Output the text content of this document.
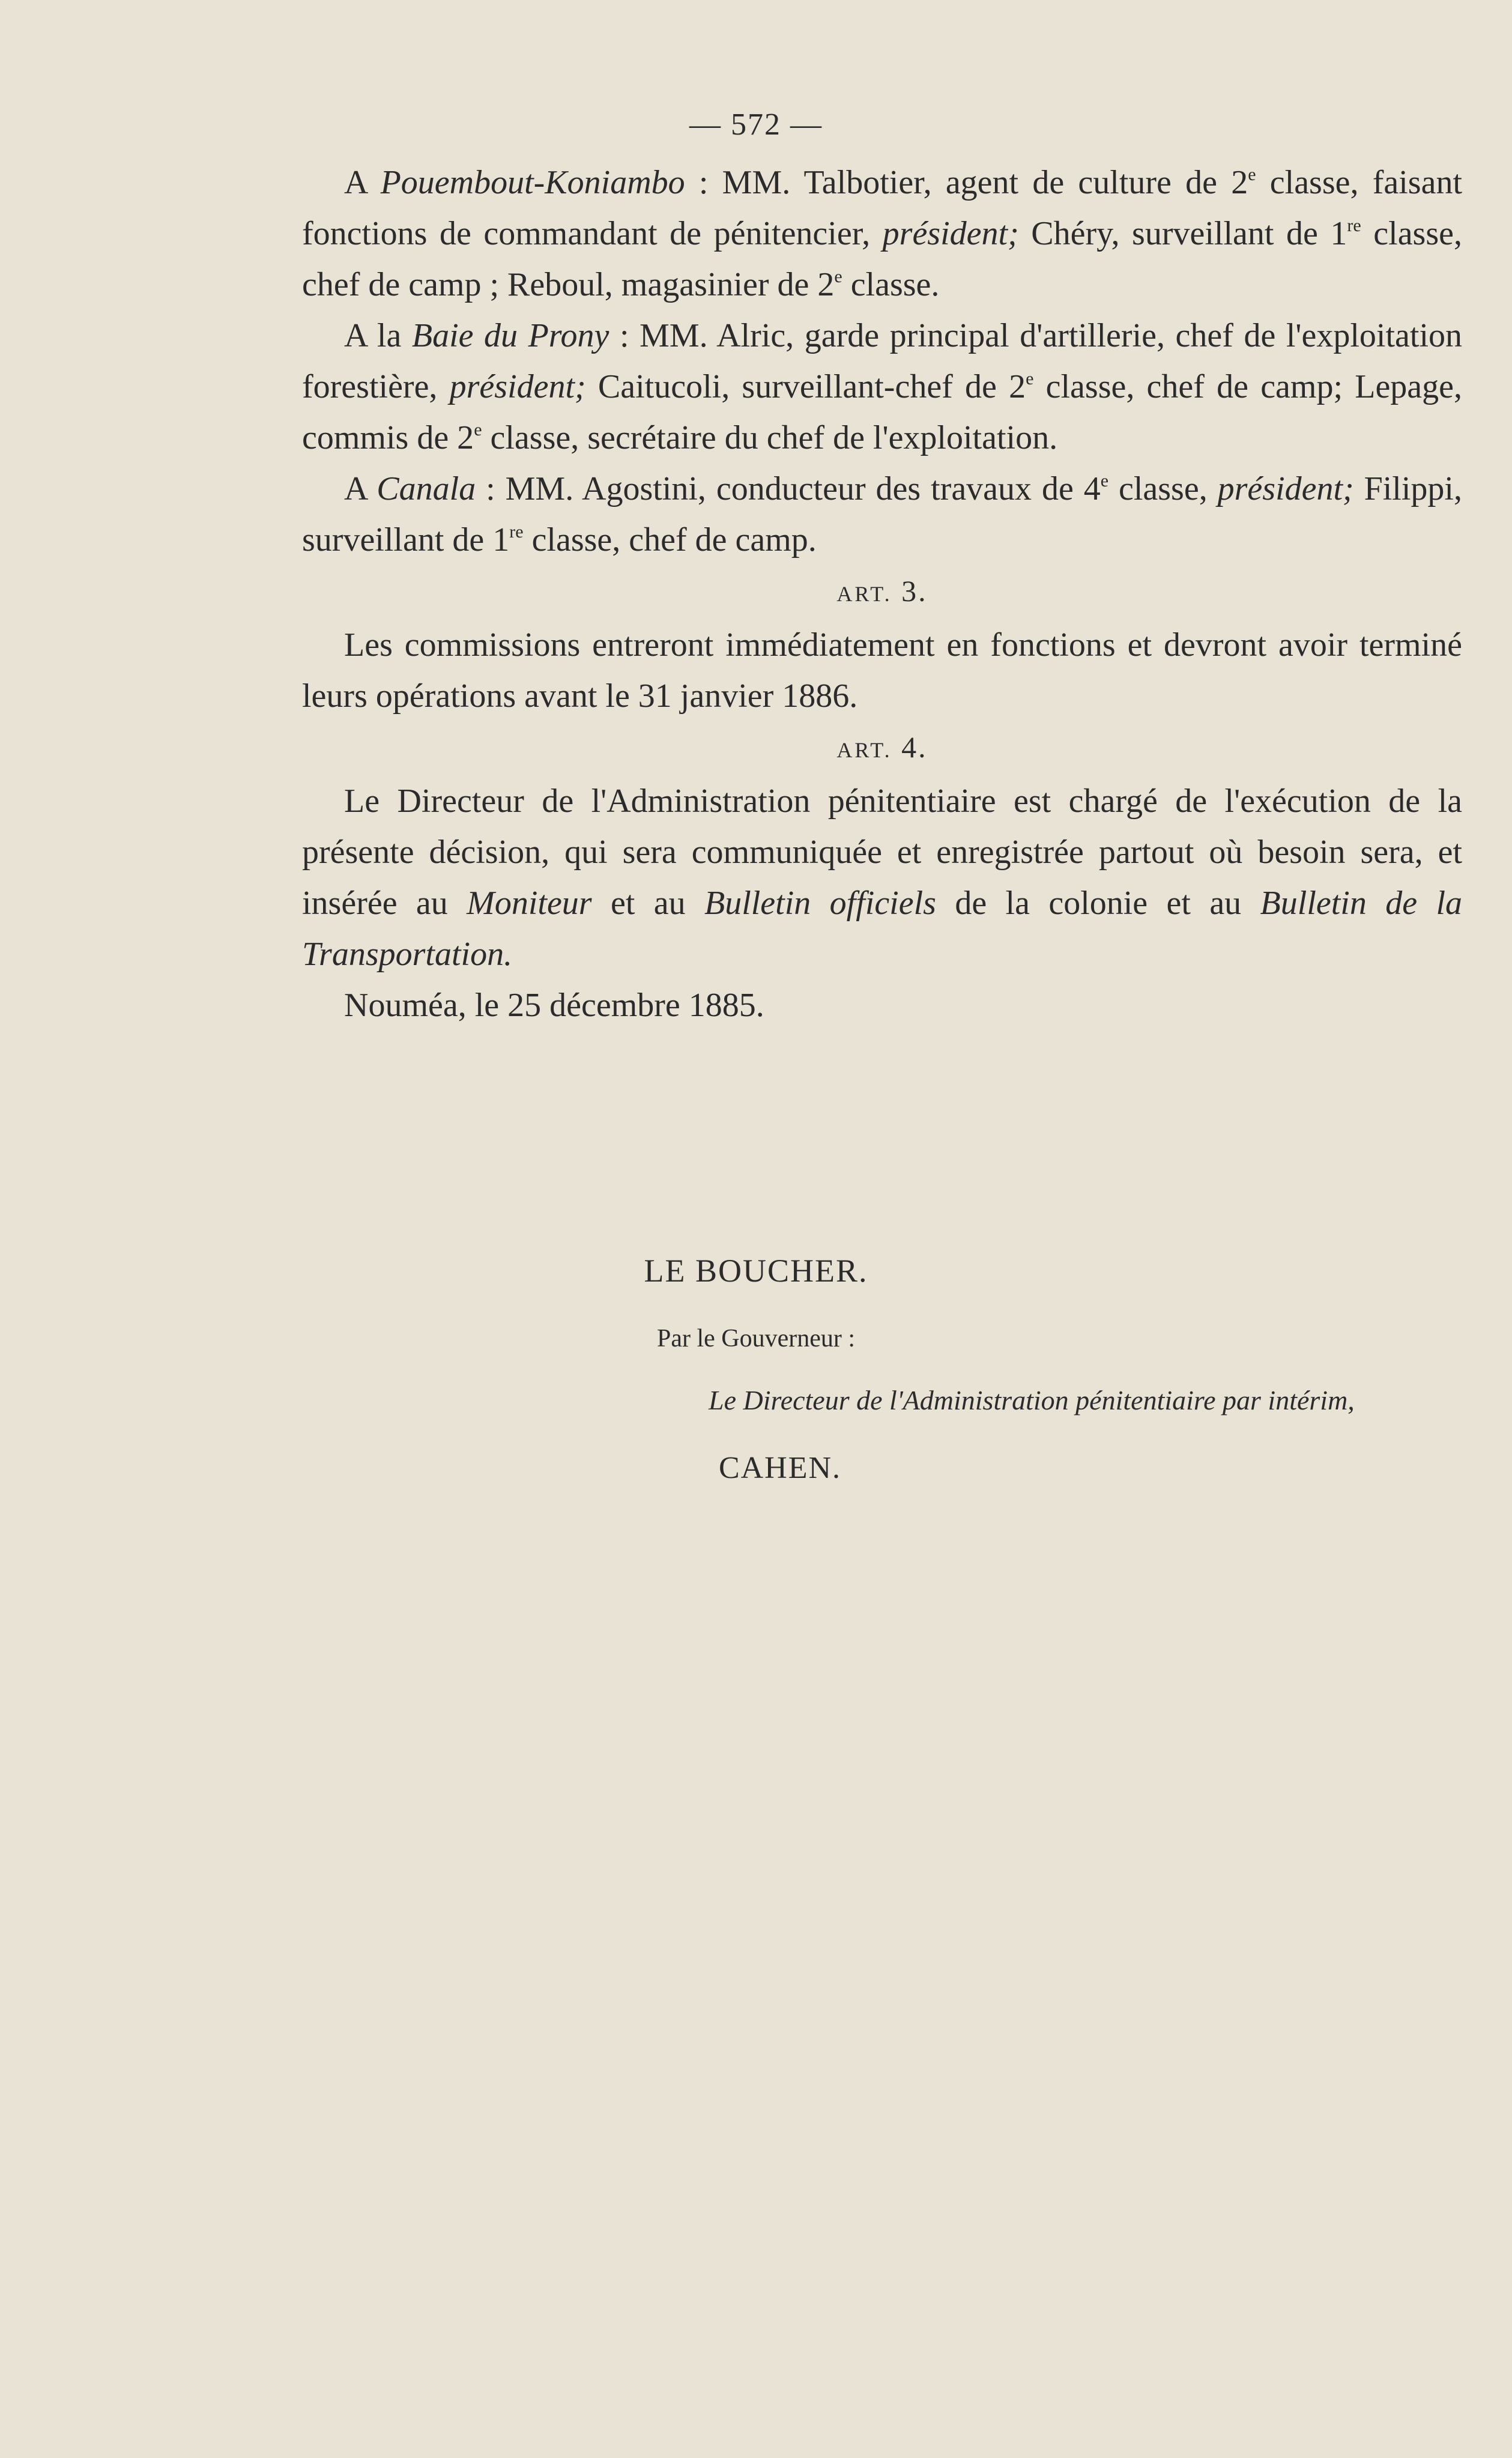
— 572 —

A Pouembout-Koniambo : MM. Talbotier, agent de culture de 2e classe, faisant fonctions de commandant de pénitencier, président; Chéry, surveillant de 1re classe, chef de camp ; Reboul, magasinier de 2e classe.

A la Baie du Prony : MM. Alric, garde principal d'artillerie, chef de l'exploitation forestière, président; Caitucoli, surveillant-chef de 2e classe, chef de camp; Lepage, commis de 2e classe, secrétaire du chef de l'exploitation.

A Canala : MM. Agostini, conducteur des travaux de 4e classe, président; Filippi, surveillant de 1re classe, chef de camp.

ART. 3.

Les commissions entreront immédiatement en fonctions et devront avoir terminé leurs opérations avant le 31 janvier 1886.

ART. 4.

Le Directeur de l'Administration pénitentiaire est chargé de l'exécution de la présente décision, qui sera communiquée et enregistrée partout où besoin sera, et insérée au Moniteur et au Bulletin officiels de la colonie et au Bulletin de la Transportation.

Nouméa, le 25 décembre 1885.

LE BOUCHER.
Par le Gouverneur :
Le Directeur de l'Administration pénitentiaire par intérim,
CAHEN.
